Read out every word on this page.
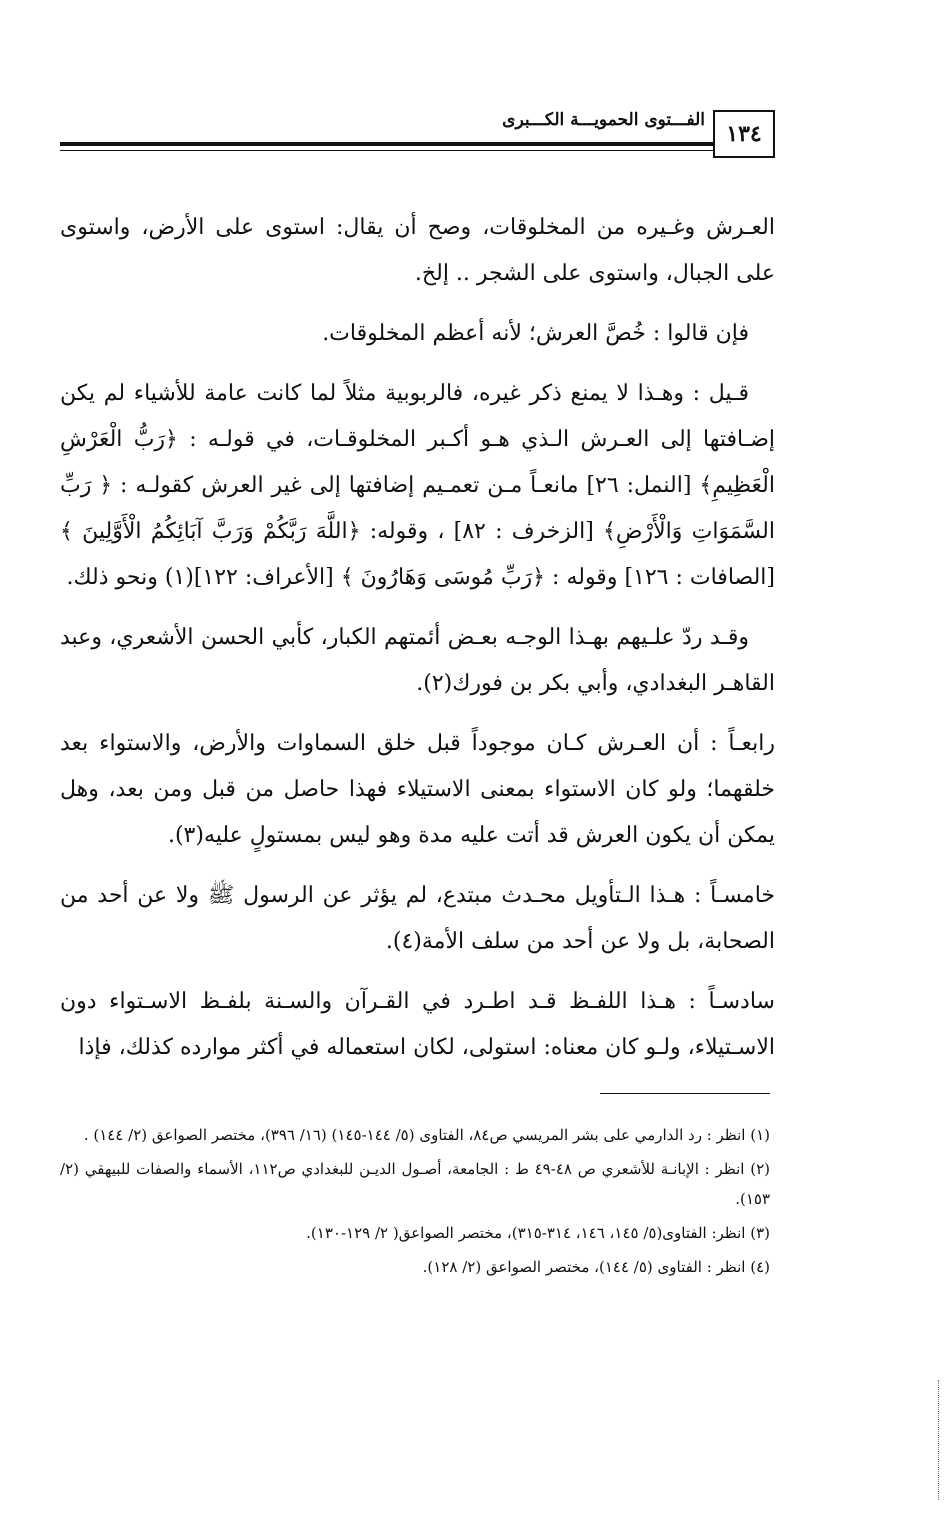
١٣٤
الفـــتوى الحمويـــة الكـــبرى

العـرش وغـيره من المخلوقات، وصح أن يقال: استوى على الأرض، واستوى على الجبال، واستوى على الشجر .. إلخ.

فإن قالوا : خُصَّ العرش؛ لأنه أعظم المخلوقات.

قـيل : وهـذا لا يمنع ذكر غيره، فالربوبية مثلاً لما كانت عامة للأشياء لم يكن إضـافتها إلى العـرش الـذي هـو أكـبر المخلوقـات، في قولـه : ﴿رَبُّ الْعَرْشِ الْعَظِيمِ﴾ [النمل: ٢٦] مانعـاً مـن تعمـيم إضافتها إلى غير العرش كقولـه : ﴿ رَبِّ السَّمَوَاتِ وَالْأَرْضِ﴾ [الزخرف : ٨٢] ، وقوله: ﴿اللَّهَ رَبَّكُمْ وَرَبَّ آبَائِكُمُ الْأَوَّلِينَ ﴾ [الصافات : ١٢٦] وقوله : ﴿رَبِّ مُوسَى وَهَارُونَ ﴾ [الأعراف: ١٢٢](١) ونحو ذلك.

وقـد ردّ علـيهم بهـذا الوجـه بعـض أئمتهم الكبار، كأبي الحسن الأشعري، وعبد القاهـر البغدادي، وأبي بكر بن فورك(٢).

رابعـاً : أن العـرش كـان موجوداً قبل خلق السماوات والأرض، والاستواء بعد خلقهما؛ ولو كان الاستواء بمعنى الاستيلاء فهذا حاصل من قبل ومن بعد، وهل يمكن أن يكون العرش قد أتت عليه مدة وهو ليس بمستولٍ عليه(٣).

خامسـاً : هـذا الـتأويل محـدث مبتدع، لم يؤثر عن الرسول ﷺ ولا عن أحد من الصحابة، بل ولا عن أحد من سلف الأمة(٤).

سادسـاً : هـذا اللفـظ قـد اطـرد في القـرآن والسـنة بلفـظ الاسـتواء دون الاسـتيلاء، ولـو كان معناه: استولى، لكان استعماله في أكثر موارده كذلك، فإذا

(١) انظر : رد الدارمي على بشر المريسي ص٨٤، الفتاوى (٥/ ١٤٤-١٤٥) (١٦/ ٣٩٦)، مختصر الصواعق (٢/ ١٤٤) .

(٢) انظر : الإبانـة للأشعري ص ٤٨-٤٩ ط : الجامعة، أصـول الديـن للبغدادي ص١١٢، الأسماء والصفات للبيهقي (٢/ ١٥٣).

(٣) انظر: الفتاوى(٥/ ١٤٥، ١٤٦، ٣١٤-٣١٥)، مختصر الصواعق( ٢/ ١٢٩-١٣٠).

(٤) انظر : الفتاوى (٥/ ١٤٤)، مختصر الصواعق (٢/ ١٢٨).
